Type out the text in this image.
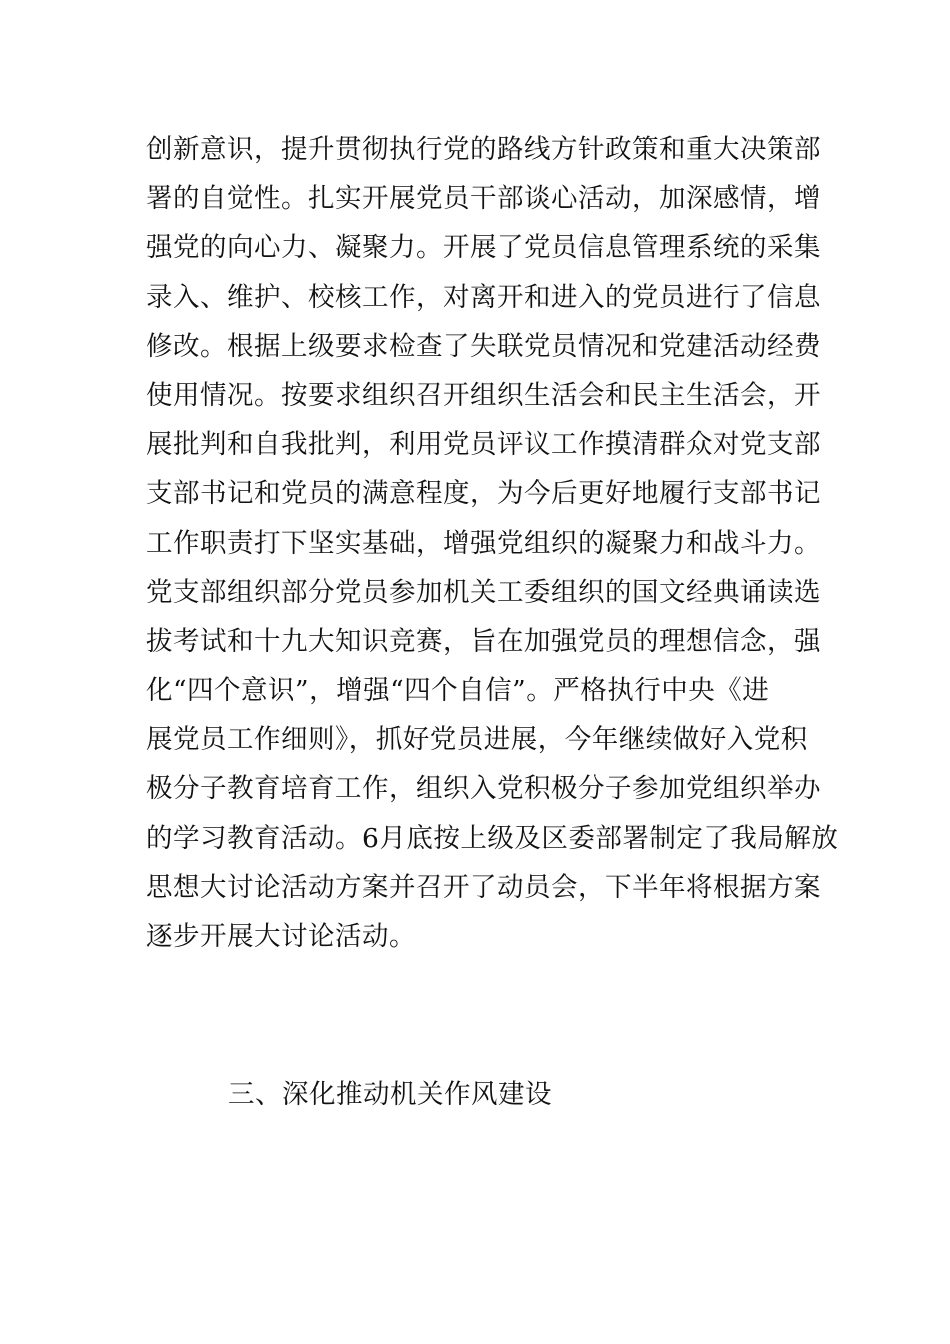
创新意识，提升贯彻执行党的路线方针政策和重大决策部
署的自觉性。扎实开展党员干部谈心活动，加深感情，增
强党的向心力、凝聚力。开展了党员信息管理系统的采集
录入、维护、校核工作，对离开和进入的党员进行了信息
修改。根据上级要求检查了失联党员情况和党建活动经费
使用情况。按要求组织召开组织生活会和民主生活会，开
展批判和自我批判，利用党员评议工作摸清群众对党支部
支部书记和党员的满意程度，为今后更好地履行支部书记
工作职责打下坚实基础，增强党组织的凝聚力和战斗力。
党支部组织部分党员参加机关工委组织的国文经典诵读选
拔考试和十九大知识竞赛，旨在加强党员的理想信念，强
化“四个意识”，增强“四个自信”。严格执行中央《进
展党员工作细则》，抓好党员进展，今年继续做好入党积
极分子教育培育工作，组织入党积极分子参加党组织举办
的学习教育活动。6月底按上级及区委部署制定了我局解放
思想大讨论活动方案并召开了动员会，下半年将根据方案
逐步开展大讨论活动。
三、深化推动机关作风建设
